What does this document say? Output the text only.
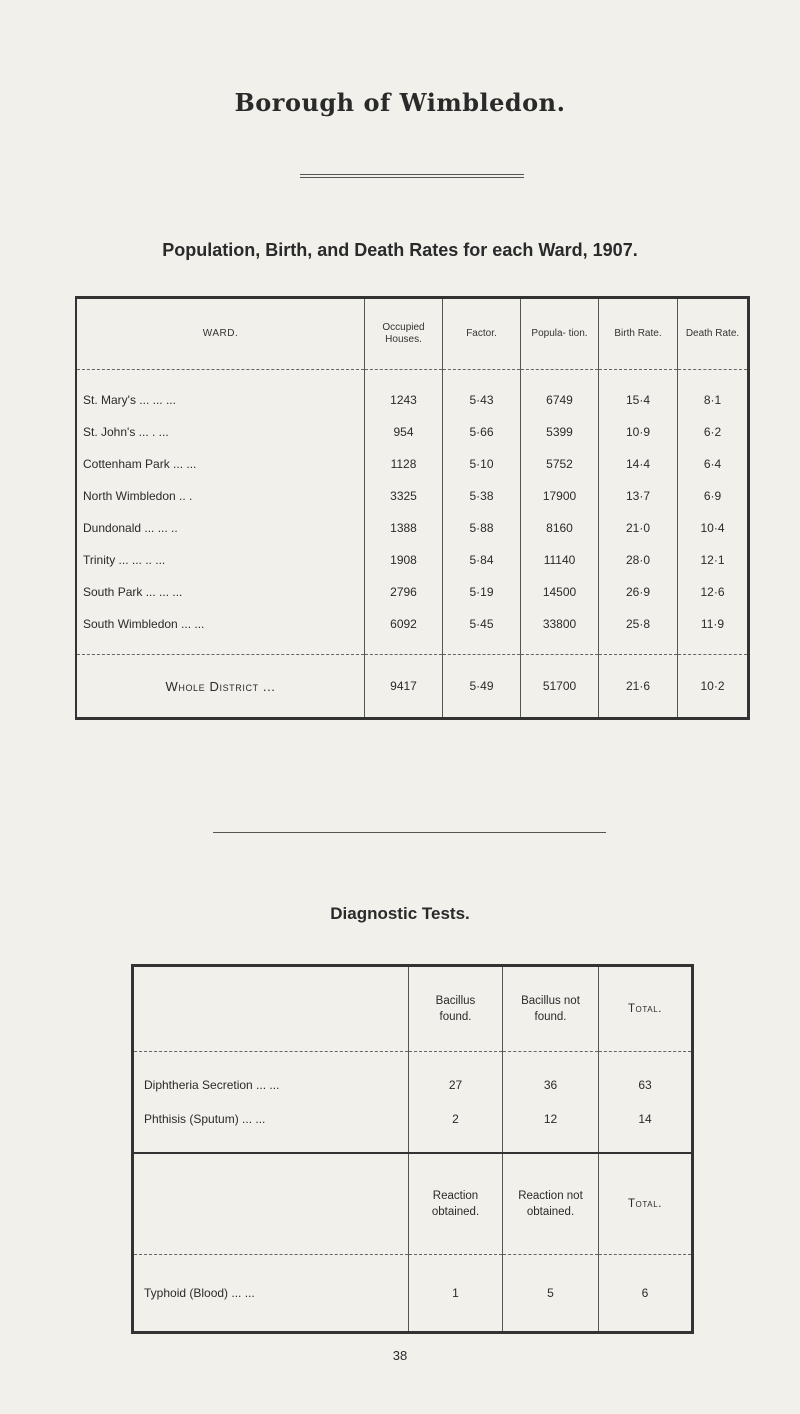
Borough of Wimbledon.
Population, Birth, and Death Rates for each Ward, 1907.
WARD.	Occupied Houses.	Factor.	Popula- tion.	Birth Rate.	Death Rate.
St. Mary's ... ... ...	1243	5·43	6749	15·4	8·1
St. John's ... . ...	954	5·66	5399	10·9	6·2
Cottenham Park ... ...	1128	5·10	5752	14·4	6·4
North Wimbledon .. .	3325	5·38	17900	13·7	6·9
Dundonald ... ... ..	1388	5·88	8160	21·0	10·4
Trinity ... ... .. ...	1908	5·84	11140	28·0	12·1
South Park ... ... ...	2796	5·19	14500	26·9	12·6
South Wimbledon ... ...	6092	5·45	33800	25·8	11·9
Whole District ...	9417	5·49	51700	21·6	10·2
Diagnostic Tests.
	Bacillus found.	Bacillus not found.	Total.
Diphtheria Secretion ... ...	27	36	63
Phthisis (Sputum) ... ...	2	12	14
	Reaction obtained.	Reaction not obtained.	Total.
Typhoid (Blood) ... ...	1	5	6
38
